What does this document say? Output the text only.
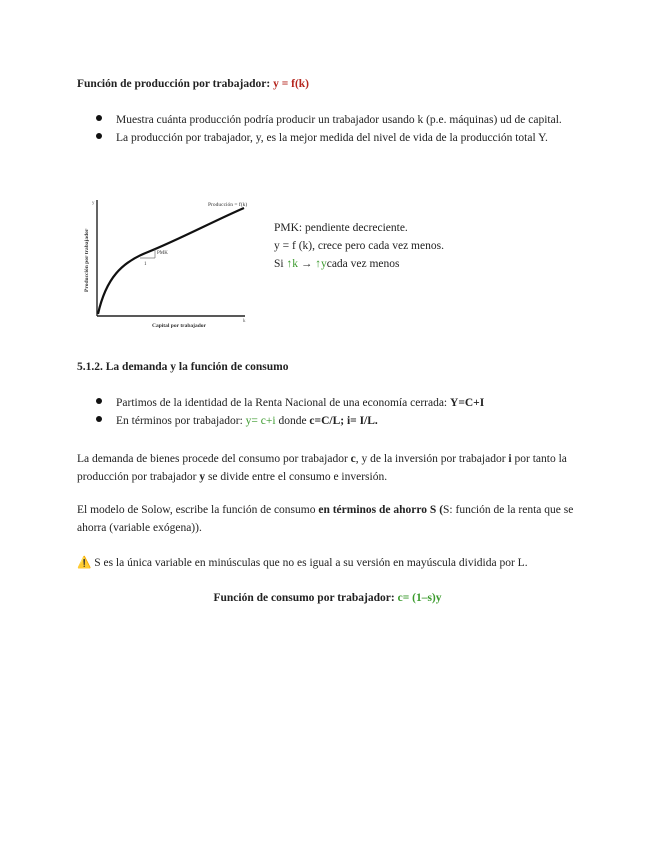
Función de producción por trabajador: y = f(k)
Muestra cuánta producción podría producir un trabajador usando k (p.e. máquinas) ud de capital.
La producción por trabajador, y, es la mejor medida del nivel de vida de la producción total Y.
y
k
PMK
1
Producción = f(k)
Producción por trabajador
Capital por trabajador
PMK: pendiente decreciente.
y = f (k), crece pero cada vez menos.
Si ↑k → ↑ycada vez menos
5.1.2. La demanda y la función de consumo
Partimos de la identidad de la Renta Nacional de una economía cerrada: Y=C+I
En términos por trabajador: y= c+i donde c=C/L; i= I/L.
La demanda de bienes procede del consumo por trabajador c, y de la inversión por trabajador i por tanto la producción por trabajador y se divide entre el consumo e inversión.
El modelo de Solow, escribe la función de consumo en términos de ahorro S (S: función de la renta que se ahorra (variable exógena)).
⚠️ S es la única variable en minúsculas que no es igual a su versión en mayúscula dividida por L.
Función de consumo por trabajador: c= (1–s)y
